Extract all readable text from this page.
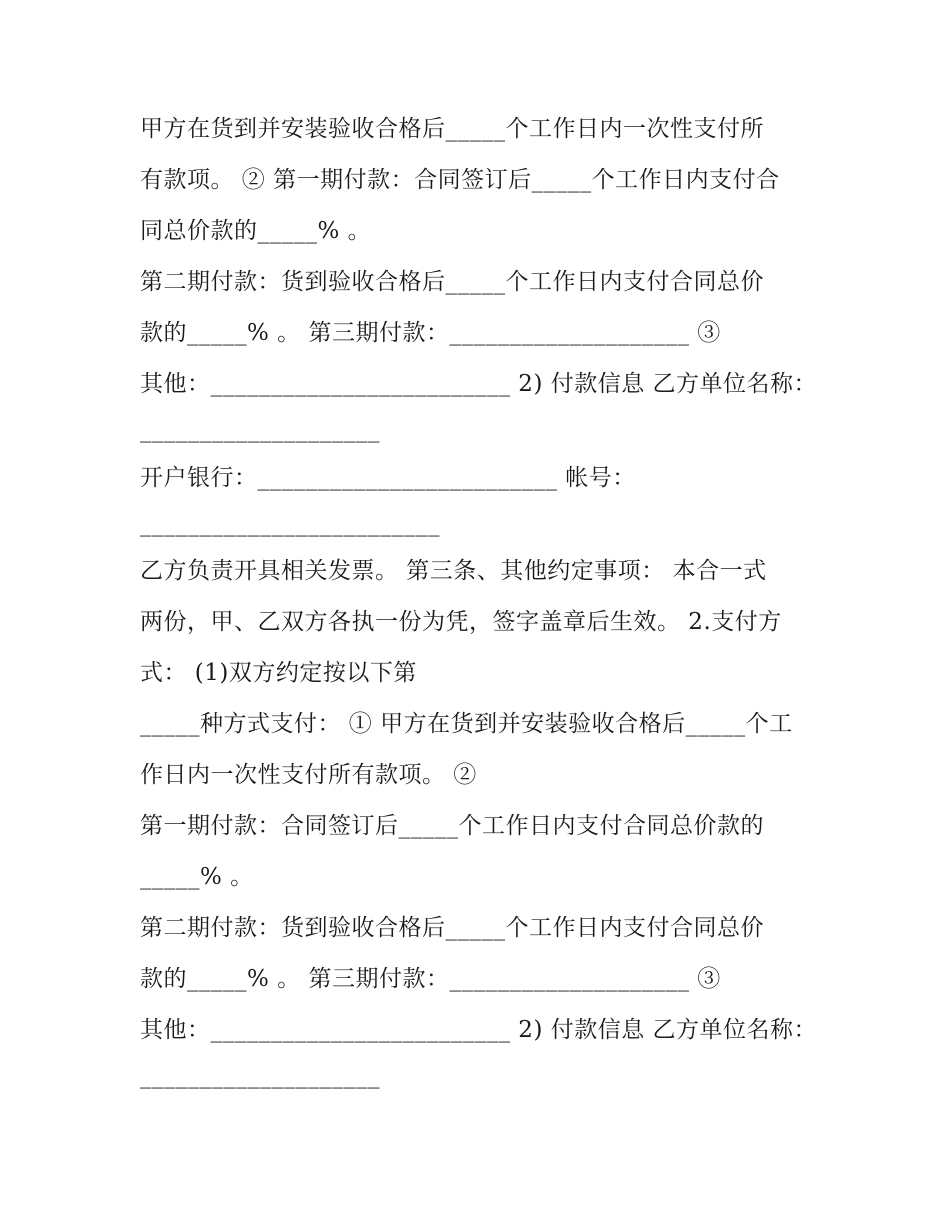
甲方在货到并安装验收合格后_____个工作日内一次性支付所
有款项。 ② 第一期付款：合同签订后_____个工作日内支付合
同总价款的_____% 。
第二期付款：货到验收合格后_____个工作日内支付合同总价
款的_____% 。 第三期付款：____________________ ③
其他：_________________________ 2) 付款信息 乙方单位名称：
____________________
开户银行：_________________________ 帐号：
_________________________
乙方负责开具相关发票。 第三条、其他约定事项： 本合一式
两份，甲、乙双方各执一份为凭，签字盖章后生效。 2.支付方
式： (1)双方约定按以下第
_____种方式支付： ① 甲方在货到并安装验收合格后_____个工
作日内一次性支付所有款项。 ②
第一期付款：合同签订后_____个工作日内支付合同总价款的
_____% 。
第二期付款：货到验收合格后_____个工作日内支付合同总价
款的_____% 。 第三期付款：____________________ ③
其他：_________________________ 2) 付款信息 乙方单位名称：
____________________
